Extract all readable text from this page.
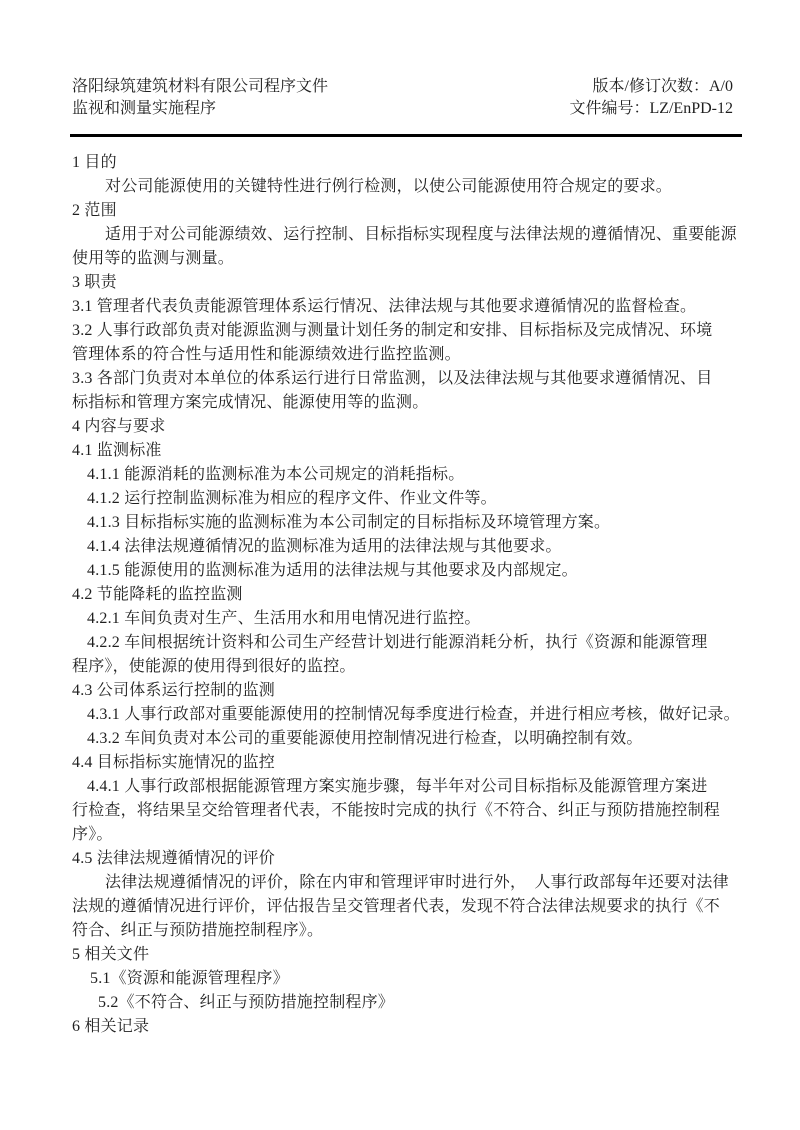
洛阳绿筑建筑材料有限公司程序文件	版本/修订次数：A/0
监视和测量实施程序	文件编号：LZ/EnPD-12
1 目的
对公司能源使用的关键特性进行例行检测，以使公司能源使用符合规定的要求。
2 范围
适用于对公司能源绩效、运行控制、目标指标实现程度与法律法规的遵循情况、重要能源
使用等的监测与测量。
3 职责
3.1 管理者代表负责能源管理体系运行情况、法律法规与其他要求遵循情况的监督检查。
3.2 人事行政部负责对能源监测与测量计划任务的制定和安排、目标指标及完成情况、环境
管理体系的符合性与适用性和能源绩效进行监控监测。
3.3 各部门负责对本单位的体系运行进行日常监测，以及法律法规与其他要求遵循情况、目
标指标和管理方案完成情况、能源使用等的监测。
4 内容与要求
4.1 监测标准
4.1.1 能源消耗的监测标准为本公司规定的消耗指标。
4.1.2 运行控制监测标准为相应的程序文件、作业文件等。
4.1.3 目标指标实施的监测标准为本公司制定的目标指标及环境管理方案。
4.1.4 法律法规遵循情况的监测标准为适用的法律法规与其他要求。
4.1.5 能源使用的监测标准为适用的法律法规与其他要求及内部规定。
4.2 节能降耗的监控监测
4.2.1 车间负责对生产、生活用水和用电情况进行监控。
4.2.2 车间根据统计资料和公司生产经营计划进行能源消耗分析，执行《资源和能源管理
程序》，使能源的使用得到很好的监控。
4.3 公司体系运行控制的监测
4.3.1 人事行政部对重要能源使用的控制情况每季度进行检查，并进行相应考核，做好记录。
4.3.2 车间负责对本公司的重要能源使用控制情况进行检查，以明确控制有效。
4.4 目标指标实施情况的监控
4.4.1 人事行政部根据能源管理方案实施步骤，每半年对公司目标指标及能源管理方案进
行检查，将结果呈交给管理者代表，不能按时完成的执行《不符合、纠正与预防措施控制程
序》。
4.5 法律法规遵循情况的评价
法律法规遵循情况的评价，除在内审和管理评审时进行外，　人事行政部每年还要对法律
法规的遵循情况进行评价，评估报告呈交管理者代表，发现不符合法律法规要求的执行《不
符合、纠正与预防措施控制程序》。
5 相关文件
5.1《资源和能源管理程序》
5.2《不符合、纠正与预防措施控制程序》
6 相关记录
